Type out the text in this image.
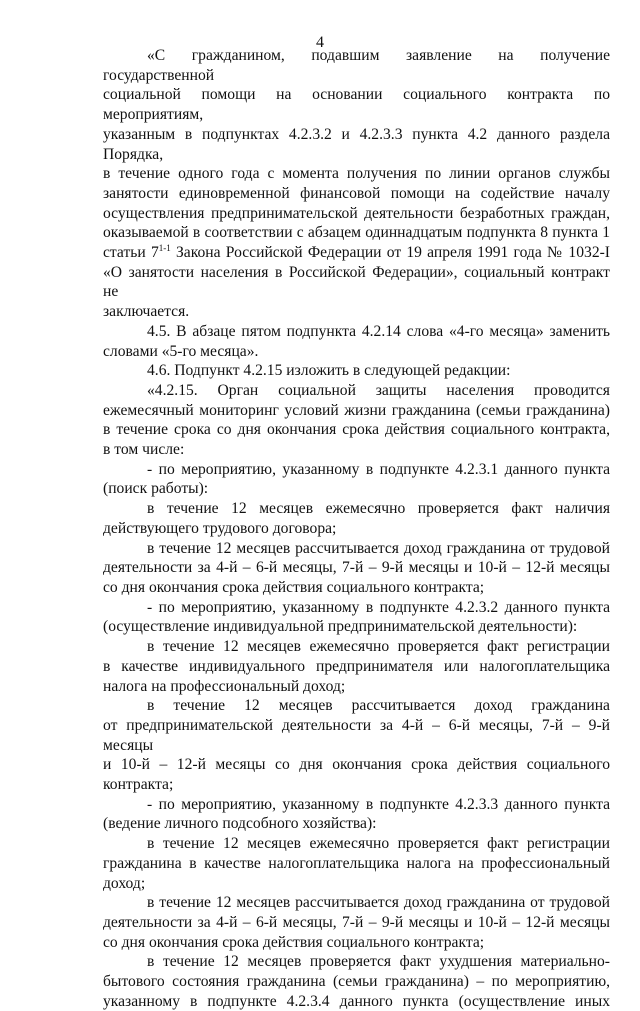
4
«С гражданином, подавшим заявление на получение государственной
социальной помощи на основании социального контракта по мероприятиям,
указанным в подпунктах 4.2.3.2 и 4.2.3.3 пункта 4.2 данного раздела Порядка,
в течение одного года с момента получения по линии органов службы
занятости единовременной финансовой помощи на содействие началу
осуществления предпринимательской деятельности безработных граждан,
оказываемой в соответствии с абзацем одиннадцатым подпункта 8 пункта 1
статьи 7$^{1-1}$ Закона Российской Федерации от 19 апреля 1991 года № 1032-I
«О занятости населения в Российской Федерации», социальный контракт не
заключается.
4.5. В абзаце пятом подпункта 4.2.14 слова «4-го месяца» заменить
словами «5-го месяца».
4.6. Подпункт 4.2.15 изложить в следующей редакции:
«4.2.15. Орган социальной защиты населения проводится
ежемесячный мониторинг условий жизни гражданина (семьи гражданина)
в течение срока со дня окончания срока действия социального контракта,
в том числе:
- по мероприятию, указанному в подпункте 4.2.3.1 данного пункта
(поиск работы):
в течение 12 месяцев ежемесячно проверяется факт наличия
действующего трудового договора;
в течение 12 месяцев рассчитывается доход гражданина от трудовой
деятельности за 4-й – 6-й месяцы, 7-й – 9-й месяцы и 10-й – 12-й месяцы
со дня окончания срока действия социального контракта;
- по мероприятию, указанному в подпункте 4.2.3.2 данного пункта
(осуществление индивидуальной предпринимательской деятельности):
в течение 12 месяцев ежемесячно проверяется факт регистрации
в качестве индивидуального предпринимателя или налогоплательщика
налога на профессиональный доход;
в течение 12 месяцев рассчитывается доход гражданина
от предпринимательской деятельности за 4-й – 6-й месяцы, 7-й – 9-й месяцы
и 10-й – 12-й месяцы со дня окончания срока действия социального
контракта;
- по мероприятию, указанному в подпункте 4.2.3.3 данного пункта
(ведение личного подсобного хозяйства):
в течение 12 месяцев ежемесячно проверяется факт регистрации
гражданина в качестве налогоплательщика налога на профессиональный
доход;
в течение 12 месяцев рассчитывается доход гражданина от трудовой
деятельности за 4-й – 6-й месяцы, 7-й – 9-й месяцы и 10-й – 12-й месяцы
со дня окончания срока действия социального контракта;
в течение 12 месяцев проверяется факт ухудшения материально-
бытового состояния гражданина (семьи гражданина) – по мероприятию,
указанному в подпункте 4.2.3.4 данного пункта (осуществление иных
